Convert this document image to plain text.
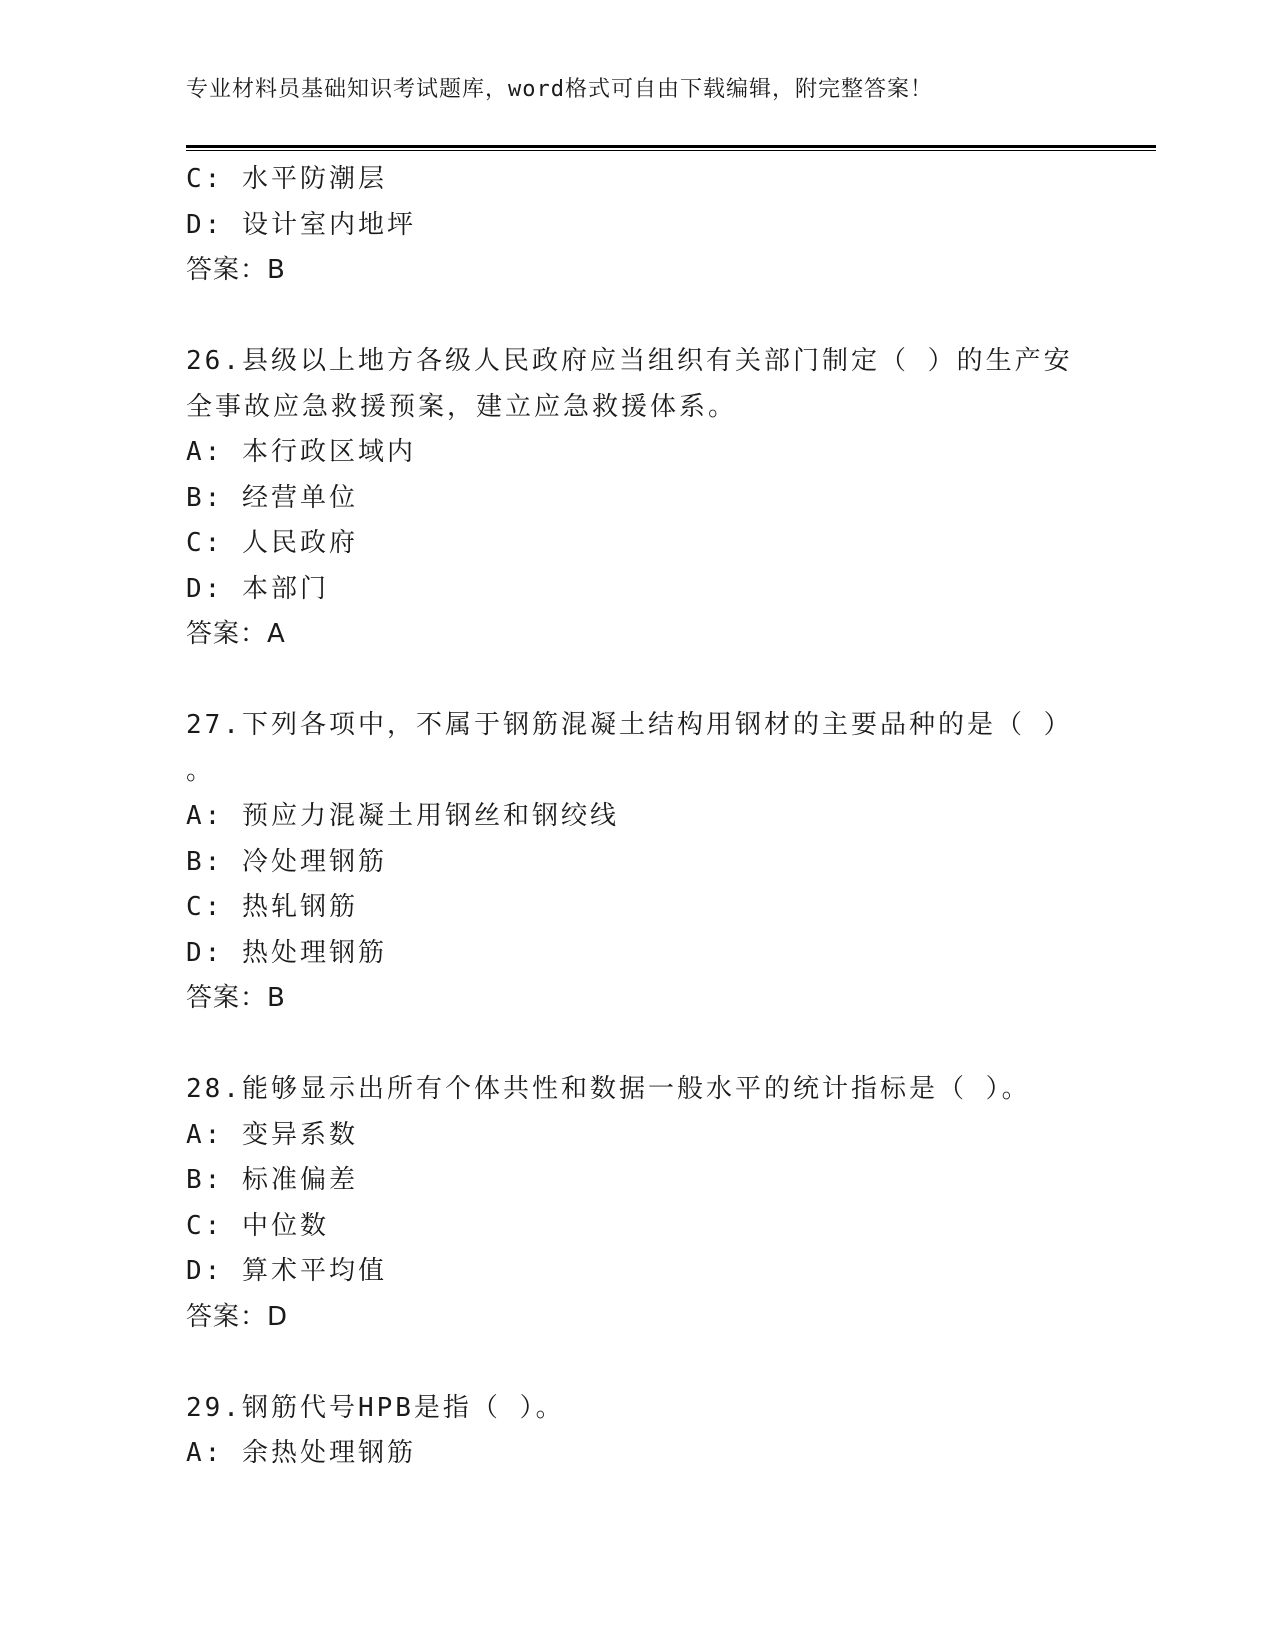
专业材料员基础知识考试题库，word格式可自由下载编辑，附完整答案！
C: 水平防潮层
D: 设计室内地坪
答案：B
26.县级以上地方各级人民政府应当组织有关部门制定（ ）的生产安
全事故应急救援预案，建立应急救援体系。
A: 本行政区域内
B: 经营单位
C: 人民政府
D: 本部门
答案：A
27.下列各项中，不属于钢筋混凝土结构用钢材的主要品种的是（ ）
。
A: 预应力混凝土用钢丝和钢绞线
B: 冷处理钢筋
C: 热轧钢筋
D: 热处理钢筋
答案：B
28.能够显示出所有个体共性和数据一般水平的统计指标是（ ）。
A: 变异系数
B: 标准偏差
C: 中位数
D: 算术平均值
答案：D
29.钢筋代号HPB是指（ ）。
A: 余热处理钢筋
